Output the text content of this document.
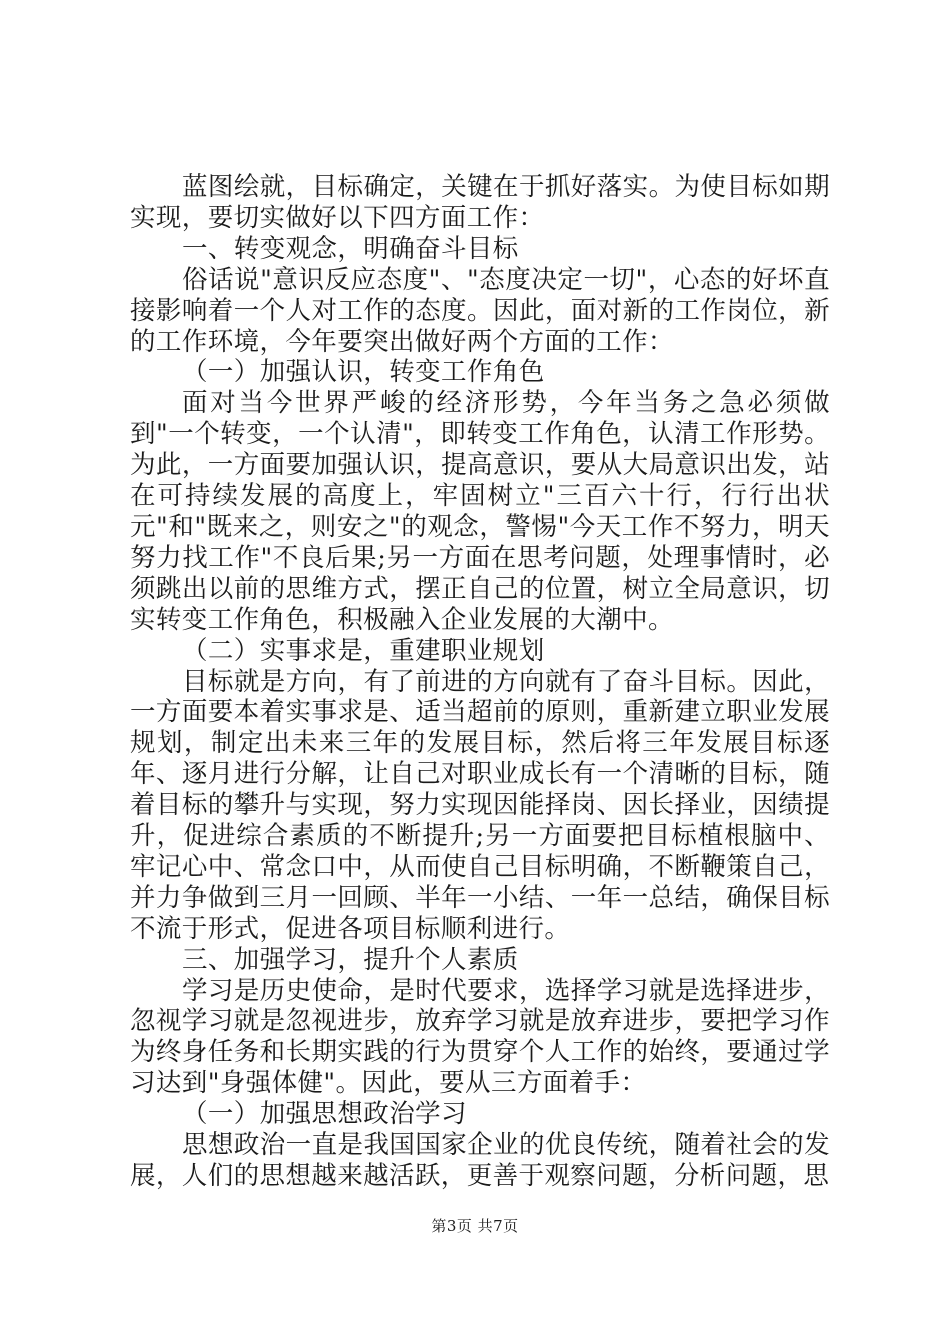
蓝图绘就，目标确定，关键在于抓好落实。为使目标如期实现，要切实做好以下四方面工作：

一、转变观念，明确奋斗目标

俗话说"意识反应态度"、"态度决定一切"，心态的好坏直接影响着一个人对工作的态度。因此，面对新的工作岗位，新的工作环境，今年要突出做好两个方面的工作：

（一）加强认识，转变工作角色

面对当今世界严峻的经济形势，今年当务之急必须做到"一个转变，一个认清"，即转变工作角色，认清工作形势。为此，一方面要加强认识，提高意识，要从大局意识出发，站在可持续发展的高度上，牢固树立"三百六十行，行行出状元"和"既来之，则安之"的观念，警惕"今天工作不努力，明天努力找工作"不良后果;另一方面在思考问题，处理事情时，必须跳出以前的思维方式，摆正自己的位置，树立全局意识，切实转变工作角色，积极融入企业发展的大潮中。

（二）实事求是，重建职业规划

目标就是方向，有了前进的方向就有了奋斗目标。因此，一方面要本着实事求是、适当超前的原则，重新建立职业发展规划，制定出未来三年的发展目标，然后将三年发展目标逐年、逐月进行分解，让自己对职业成长有一个清晰的目标，随着目标的攀升与实现，努力实现因能择岗、因长择业，因绩提升，促进综合素质的不断提升;另一方面要把目标植根脑中、牢记心中、常念口中，从而使自己目标明确，不断鞭策自己，并力争做到三月一回顾、半年一小结、一年一总结，确保目标不流于形式，促进各项目标顺利进行。

三、加强学习，提升个人素质

学习是历史使命，是时代要求，选择学习就是选择进步，忽视学习就是忽视进步，放弃学习就是放弃进步，要把学习作为终身任务和长期实践的行为贯穿个人工作的始终，要通过学习达到"身强体健"。因此，要从三方面着手：

（一）加强思想政治学习

思想政治一直是我国国家企业的优良传统，随着社会的发展，人们的思想越来越活跃，更善于观察问题，分析问题，思

第3页 共7页
